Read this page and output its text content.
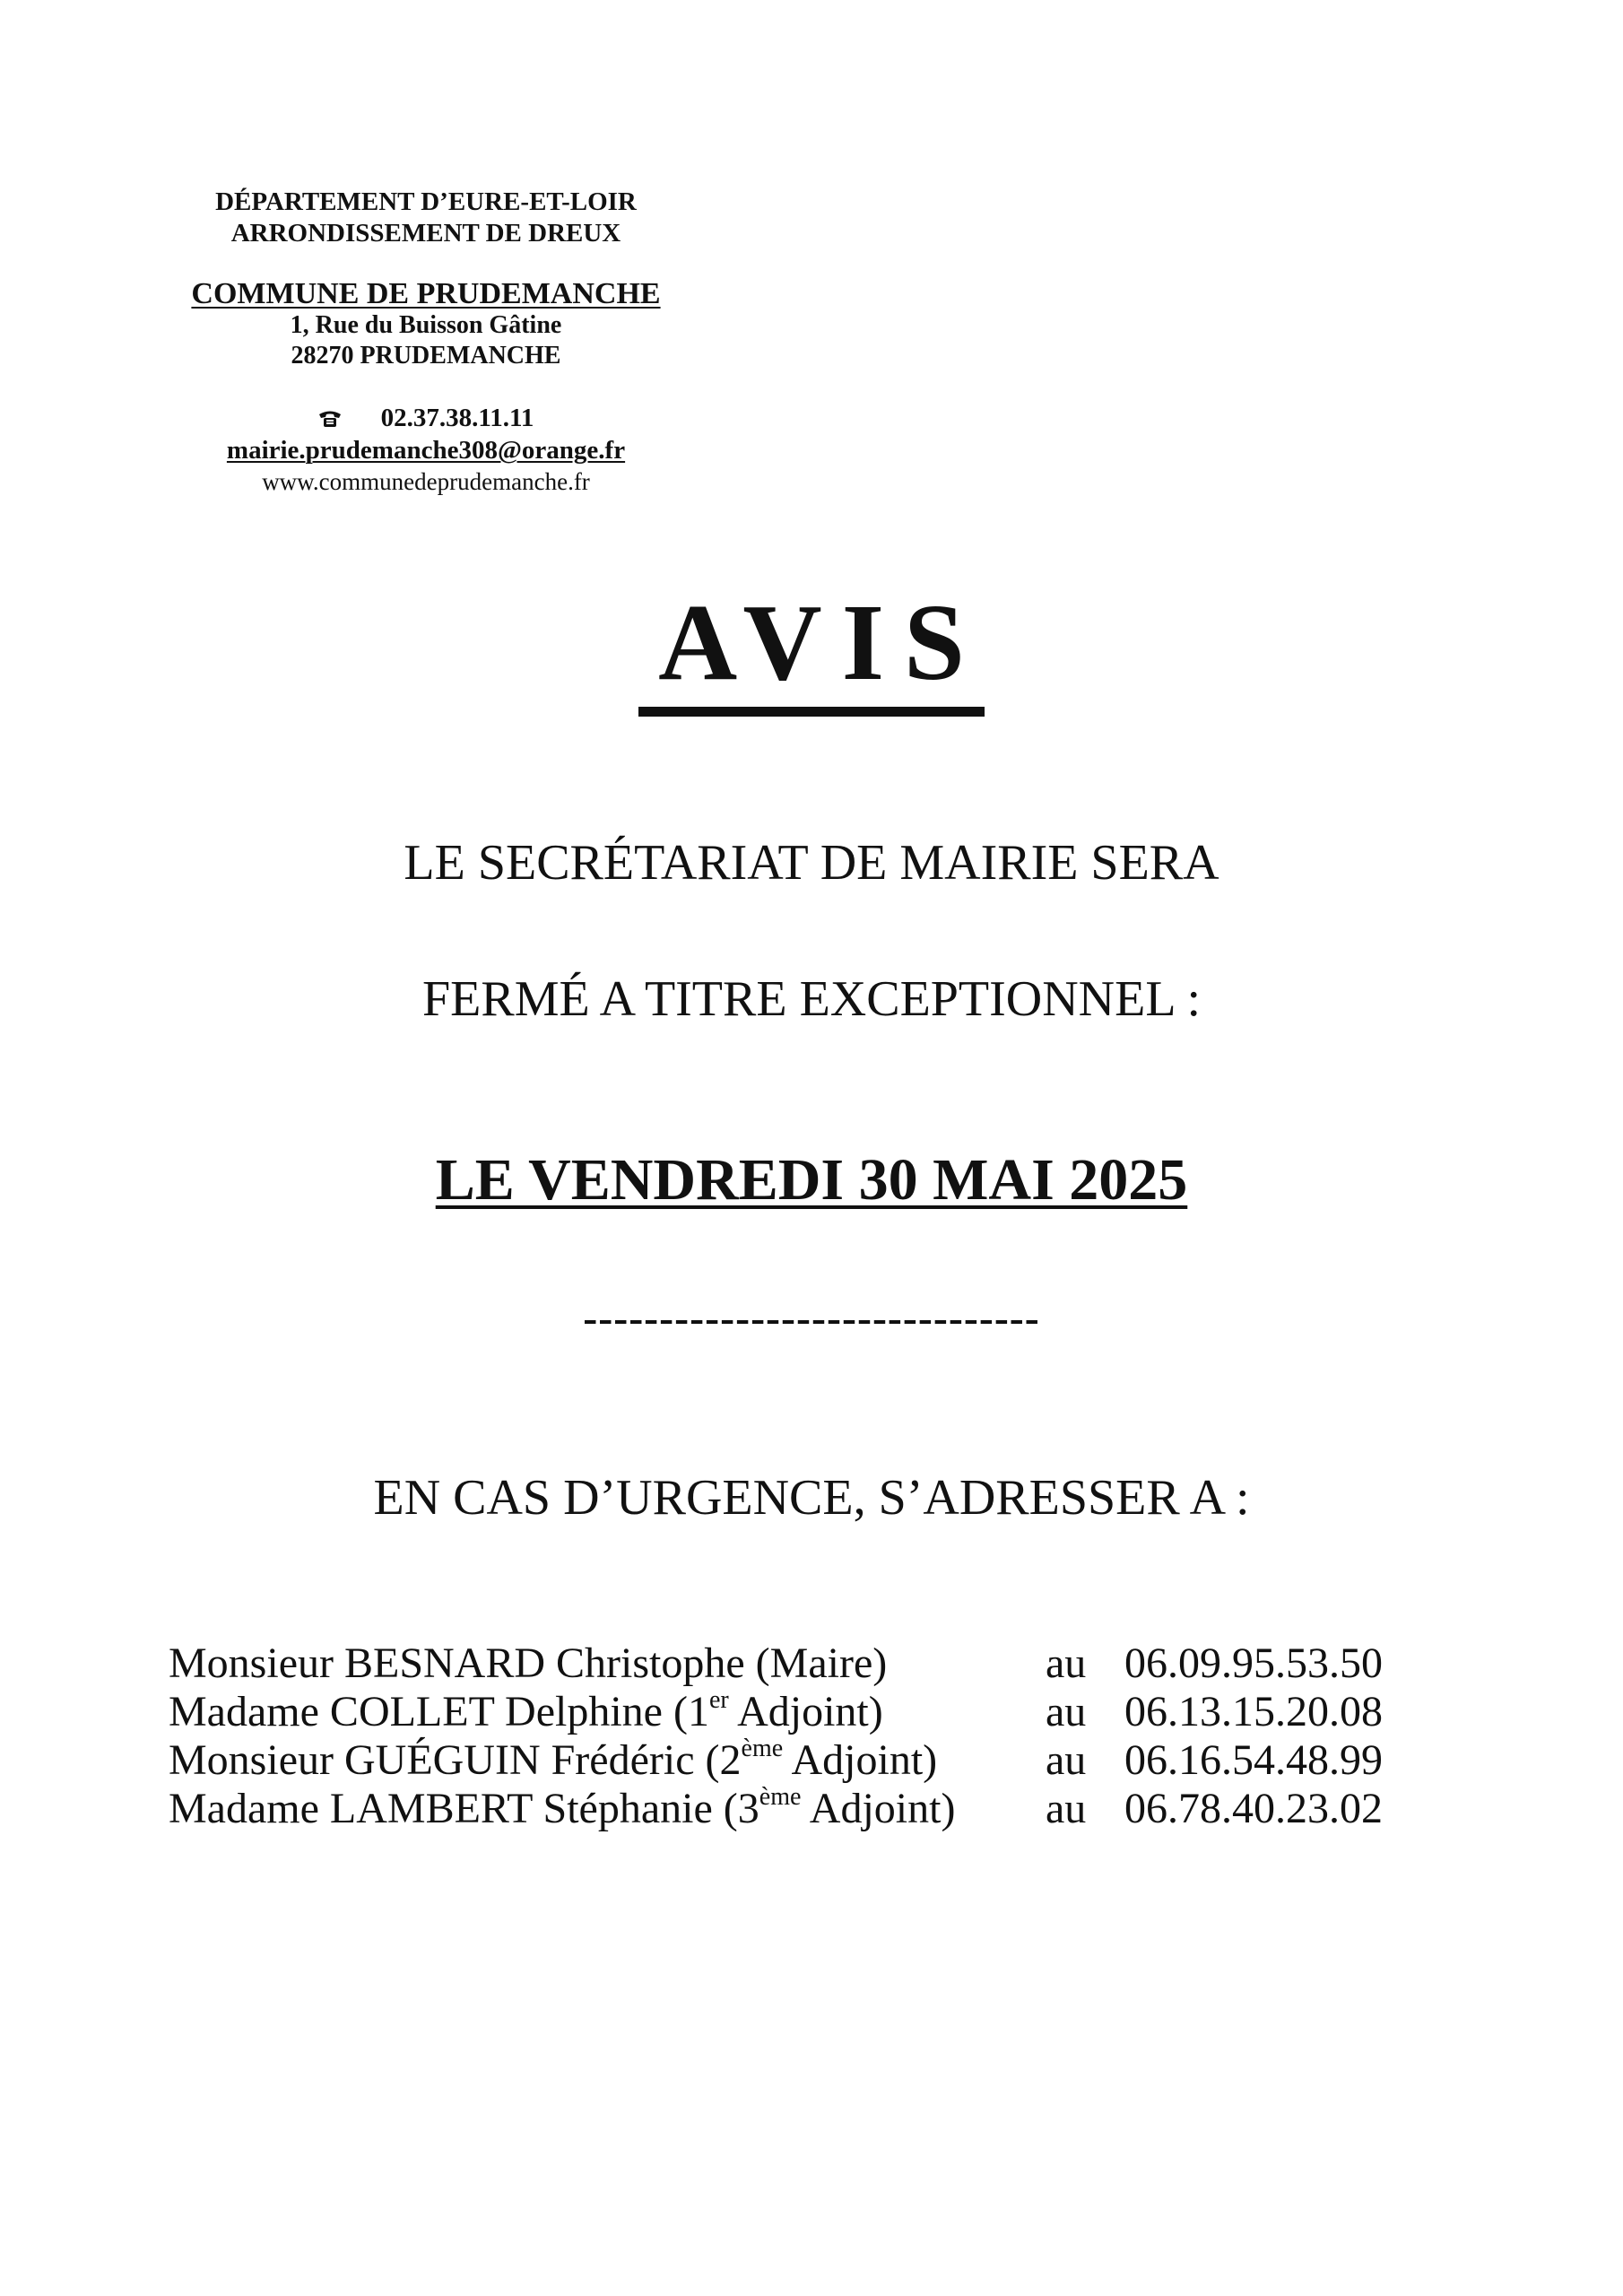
DÉPARTEMENT D’EURE-ET-LOIR
ARRONDISSEMENT DE DREUX
COMMUNE DE PRUDEMANCHE
1, Rue du Buisson Gâtine
28270 PRUDEMANCHE
02.37.38.11.11
mairie.prudemanche308@orange.fr
www.communedeprudemanche.fr
AVIS
LE SECRÉTARIAT DE MAIRIE SERA
FERMÉ A TITRE EXCEPTIONNEL :
LE VENDREDI 30 MAI 2025
------------------------------
EN CAS D’URGENCE, S’ADRESSER A :
Monsieur BESNARD Christophe (Maire)	au 06.09.95.53.50
Madame COLLET Delphine (1er Adjoint)	au 06.13.15.20.08
Monsieur GUÉGUIN Frédéric (2ème Adjoint)	au 06.16.54.48.99
Madame LAMBERT Stéphanie (3ème Adjoint) au 06.78.40.23.02
